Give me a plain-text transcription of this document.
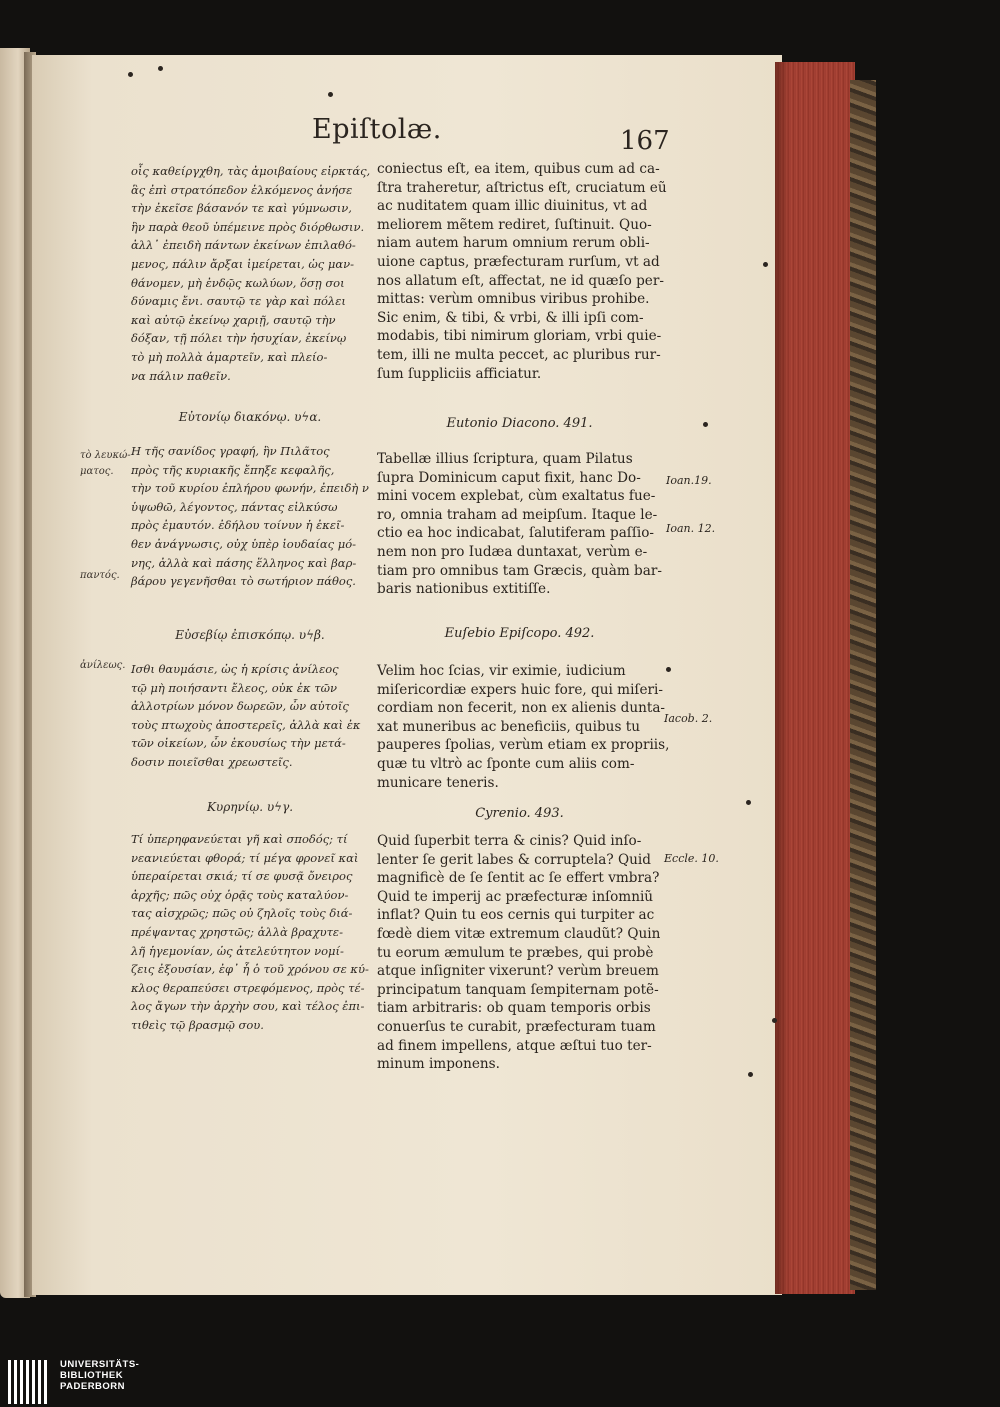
Epiſtolæ.	167
οἷς καθείργχθη, τὰς ἀμοιβαίους εἰρκτάς,
ἃς ἐπὶ στρατόπεδον ἑλκόμενος ἀνήσε
τὴν ἐκεῖσε βάσανόν τε καὶ γύμνωσιν,
ἣν παρὰ θεοῦ ὑπέμεινε πρὸς διόρθωσιν.
ἀλλ᾽ ἐπειδὴ πάντων ἐκείνων ἐπιλαθό-
μενος, πάλιν ἄρξαι ἱμείρεται, ὡς μαν-
θάνομεν, μὴ ἐνδῷς κωλύων, ὅσῃ σοι
δύναμις ἔνι. σαυτῷ τε γὰρ καὶ πόλει
καὶ αὐτῷ ἐκείνῳ χαριῇ, σαυτῷ τὴν
δόξαν, τῇ πόλει τὴν ἡσυχίαν, ἐκείνῳ
τὸ μὴ πολλὰ ἁμαρτεῖν, καὶ πλείο-
να πάλιν παθεῖν.
Εὐτονίῳ διακόνῳ. υϟα.
Η τῆς σανίδος γραφή, ἣν Πιλᾶτος
πρὸς τῆς κυριακῆς ἔπηξε κεφαλῆς,
τὴν τοῦ κυρίου ἐπλήρου φωνήν, ἐπειδὴ ν
ὑψωθῶ, λέγοντος, πάντας εἱλκύσω
πρὸς ἐμαυτόν. ἐδήλου τοίνυν ἡ ἐκεῖ-
θεν ἀνάγνωσις, οὐχ ὑπὲρ ἰουδαίας μό-
νης, ἀλλὰ καὶ πάσης ἕλληνος καὶ βαρ-
βάρου γεγενῆσθαι τὸ σωτήριον πάθος.
Εὐσεβίῳ ἐπισκόπῳ. υϟβ.
Ισθι θαυμάσιε, ὡς ἡ κρίσις ἀνίλεος
τῷ μὴ ποιήσαντι ἔλεος, οὐκ ἐκ τῶν
ἀλλοτρίων μόνον δωρεῶν, ὧν αὐτοῖς
τοὺς πτωχοὺς ἀποστερεῖς, ἀλλὰ καὶ ἐκ
τῶν οἰκείων, ὧν ἑκουσίως τὴν μετά-
δοσιν ποιεῖσθαι χρεωστεῖς.
Κυρηνίῳ. υϟγ.
Τί ὑπερηφανεύεται γῆ καὶ σποδός; τί
νεανιεύεται φθορά; τί μέγα φρονεῖ καὶ
ὑπεραίρεται σκιά; τί σε φυσᾷ ὄνειρος
ἀρχῆς; πῶς οὐχ ὁρᾷς τοὺς καταλύον-
τας αἰσχρῶς; πῶς οὐ ζηλοῖς τοὺς διά-
πρέψαντας χρηστῶς; ἀλλὰ βραχυτε-
λῆ ἡγεμονίαν, ὡς ἀτελεύτητον νομί-
ζεις ἐξουσίαν, ἐφ᾽ ἧ ὁ τοῦ χρόνου σε κύ-
κλος θεραπεύσει στρεφόμενος, πρὸς τέ-
λος ἄγων τὴν ἀρχὴν σου, καὶ τέλος ἐπι-
τιθεὶς τῷ βρασμῷ σου.
τὸ λευκώ-
ματος.
παντός.
ἀνίλεως.
coniectus eſt, ea item, quibus cum ad ca-
ſtra traheretur, aſtrictus eſt, cruciatum eũ
ac nuditatem quam illic diuinitus, vt ad
meliorem mẽtem rediret, ſuſtinuit. Quo-
niam autem harum omnium rerum obli-
uione captus, præfecturam rurſum, vt ad
nos allatum eſt, affectat, ne id quæſo per-
mittas: verùm omnibus viribus prohibe.
Sic enim, & tibi, & vrbi, & illi ipſi com-
modabis, tibi nimirum gloriam, vrbi quie-
tem, illi ne multa peccet, ac pluribus rur-
ſum ſuppliciis afficiatur.
Eutonio Diacono. 491.
Tabellæ illius ſcriptura, quam Pilatus
ſupra Dominicum caput fixit, hanc Do-
mini vocem explebat, cùm exaltatus fue-
ro, omnia traham ad meipſum. Itaque le-
ctio ea hoc indicabat, ſalutiferam paſſio-
nem non pro Iudæa duntaxat, verùm e-
tiam pro omnibus tam Græcis, quàm bar-
baris nationibus extitiſſe.
Euſebio Epiſcopo. 492.
Velim hoc ſcias, vir eximie, iudicium
miſericordiæ expers huic fore, qui miſeri-
cordiam non fecerit, non ex alienis dunta-
xat muneribus ac beneficiis, quibus tu
pauperes ſpolias, verùm etiam ex propriis,
quæ tu vltrò ac ſponte cum aliis com-
municare teneris.
Cyrenio. 493.
Quid ſuperbit terra & cinis? Quid inſo-
lenter ſe gerit labes & corruptela? Quid
magnificè de ſe ſentit ac ſe effert vmbra?
Quid te imperij ac præfecturæ inſomniũ
inflat? Quin tu eos cernis qui turpiter ac
fœdè diem vitæ extremum claudũt? Quin
tu eorum æmulum te præbes, qui probè
atque inſigniter vixerunt? verùm breuem
principatum tanquam ſempiternam potẽ-
tiam arbitraris: ob quam temporis orbis
conuerſus te curabit, præfecturam tuam
ad finem impellens, atque æſtui tuo ter-
minum imponens.
Ioan.19.
Ioan. 12.
Iacob. 2.
Eccle. 10.
UNIVERSITÄTS-
BIBLIOTHEK
PADERBORN
